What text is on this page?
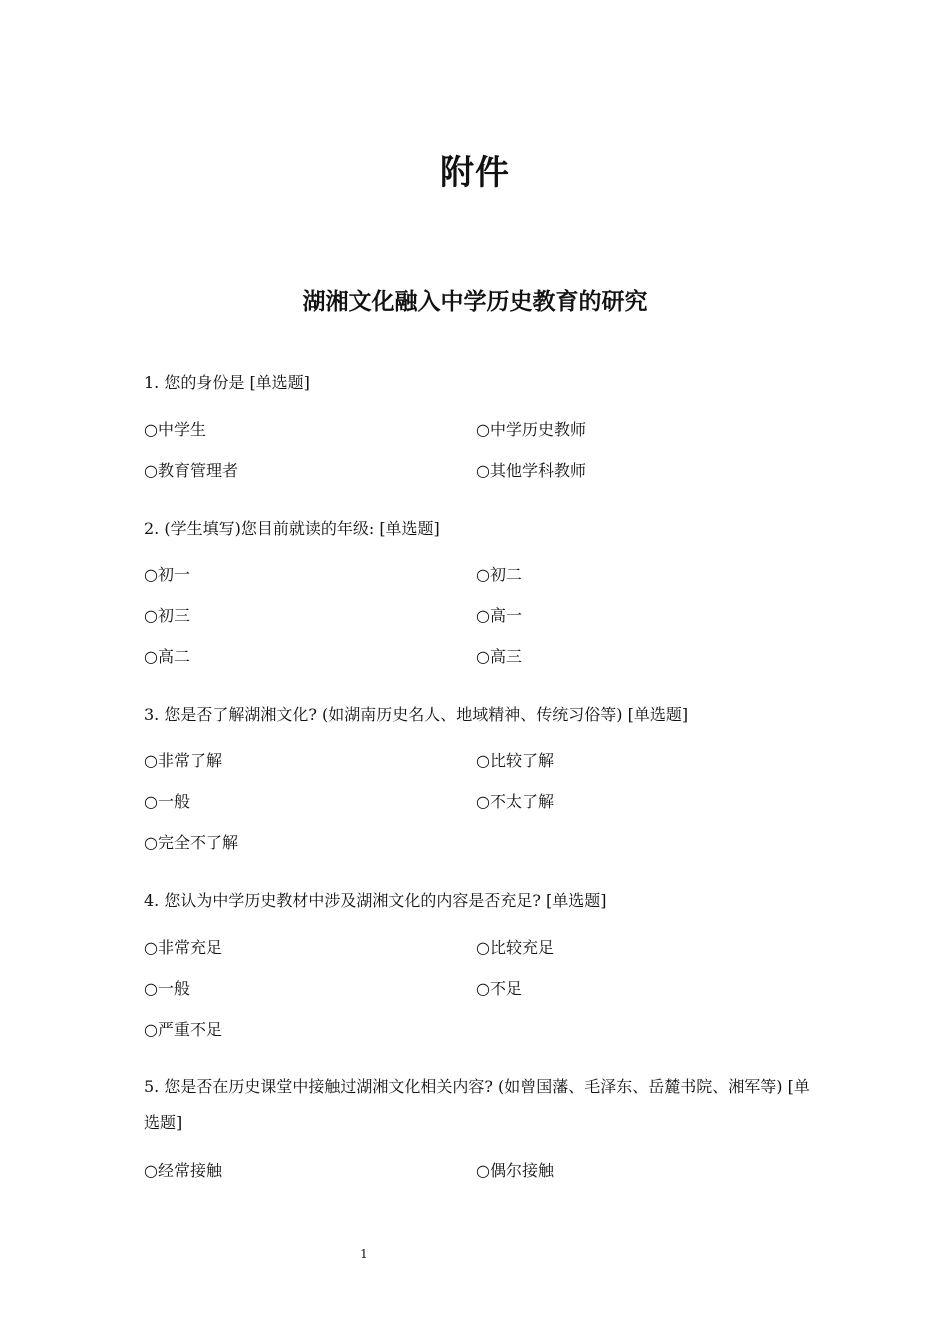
附件
湖湘文化融入中学历史教育的研究
1. 您的身份是 [单选题]
○中学生	○中学历史教师
○教育管理者	○其他学科教师
2. (学生填写)您目前就读的年级: [单选题]
○初一	○初二
○初三	○高一
○高二	○高三
3. 您是否了解湖湘文化? (如湖南历史名人、地域精神、传统习俗等) [单选题]
○非常了解	○比较了解
○一般	○不太了解
○完全不了解
4. 您认为中学历史教材中涉及湖湘文化的内容是否充足? [单选题]
○非常充足	○比较充足
○一般	○不足
○严重不足
5. 您是否在历史课堂中接触过湖湘文化相关内容? (如曾国藩、毛泽东、岳麓书院、湘军等) [单选题]
○经常接触	○偶尔接触
1
